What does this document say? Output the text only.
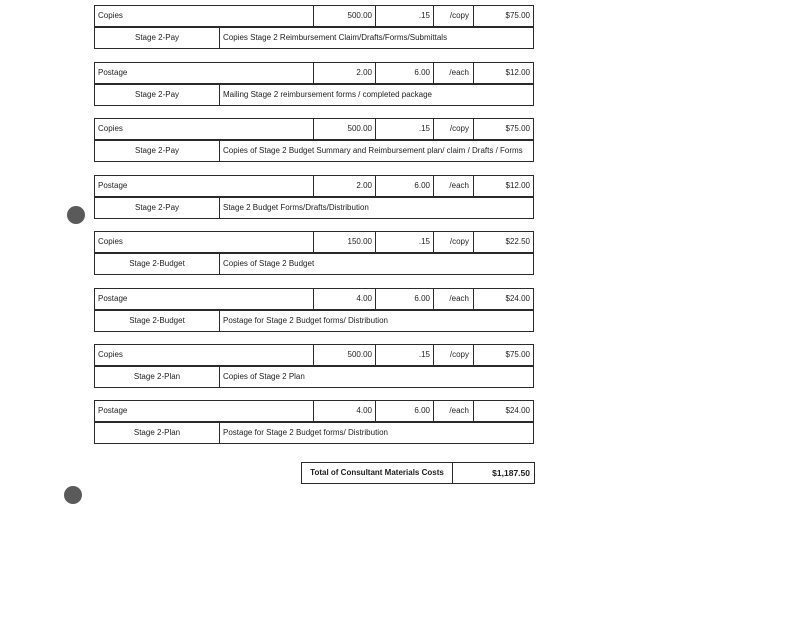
Copies	500.00	.15	/copy	$75.00
Stage 2-Pay	Copies Stage 2 Reimbursement Claim/Drafts/Forms/Submittals
Postage	2.00	6.00	/each	$12.00
Stage 2-Pay	Mailing Stage 2 reimbursement forms / completed package
Copies	500.00	.15	/copy	$75.00
Stage 2-Pay	Copies of Stage 2 Budget Summary and Reimbursement plan/ claim / Drafts / Forms
Postage	2.00	6.00	/each	$12.00
Stage 2-Pay	Stage 2 Budget Forms/Drafts/Distribution
Copies	150.00	.15	/copy	$22.50
Stage 2-Budget	Copies of Stage 2 Budget
Postage	4.00	6.00	/each	$24.00
Stage 2-Budget	Postage for Stage 2 Budget forms/ Distribution
Copies	500.00	.15	/copy	$75.00
Stage 2-Plan	Copies of Stage 2 Plan
Postage	4.00	6.00	/each	$24.00
Stage 2-Plan	Postage for Stage 2 Budget forms/ Distribution
Total of Consultant Materials Costs	$1,187.50
